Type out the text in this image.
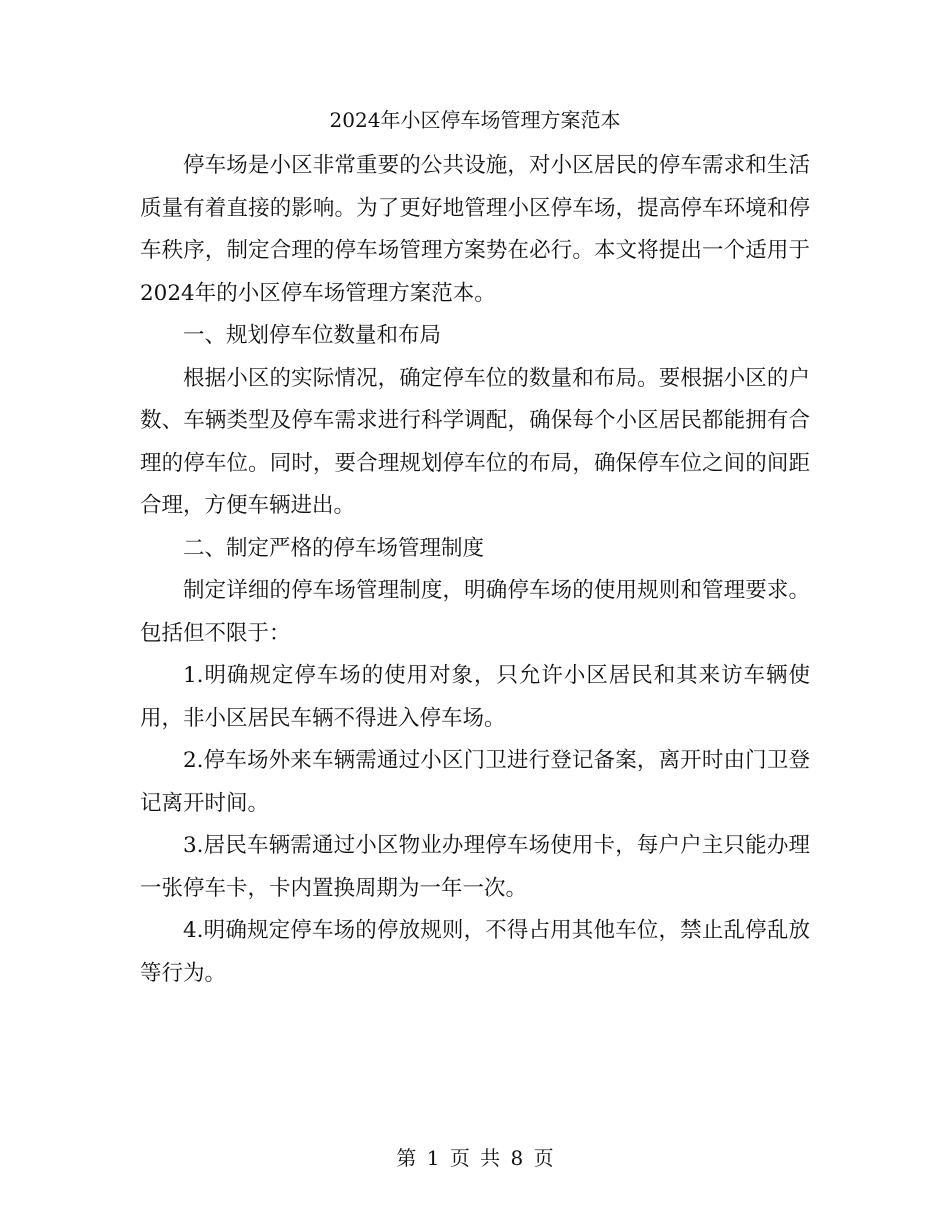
2024年小区停车场管理方案范本

停车场是小区非常重要的公共设施，对小区居民的停车需求和生活质量有着直接的影响。为了更好地管理小区停车场，提高停车环境和停车秩序，制定合理的停车场管理方案势在必行。本文将提出一个适用于2024年的小区停车场管理方案范本。

一、规划停车位数量和布局

根据小区的实际情况，确定停车位的数量和布局。要根据小区的户数、车辆类型及停车需求进行科学调配，确保每个小区居民都能拥有合理的停车位。同时，要合理规划停车位的布局，确保停车位之间的间距合理，方便车辆进出。

二、制定严格的停车场管理制度

制定详细的停车场管理制度，明确停车场的使用规则和管理要求。包括但不限于：

1.明确规定停车场的使用对象，只允许小区居民和其来访车辆使用，非小区居民车辆不得进入停车场。

2.停车场外来车辆需通过小区门卫进行登记备案，离开时由门卫登记离开时间。

3.居民车辆需通过小区物业办理停车场使用卡，每户户主只能办理一张停车卡，卡内置换周期为一年一次。

4.明确规定停车场的停放规则，不得占用其他车位，禁止乱停乱放等行为。

第 1 页 共 8 页
